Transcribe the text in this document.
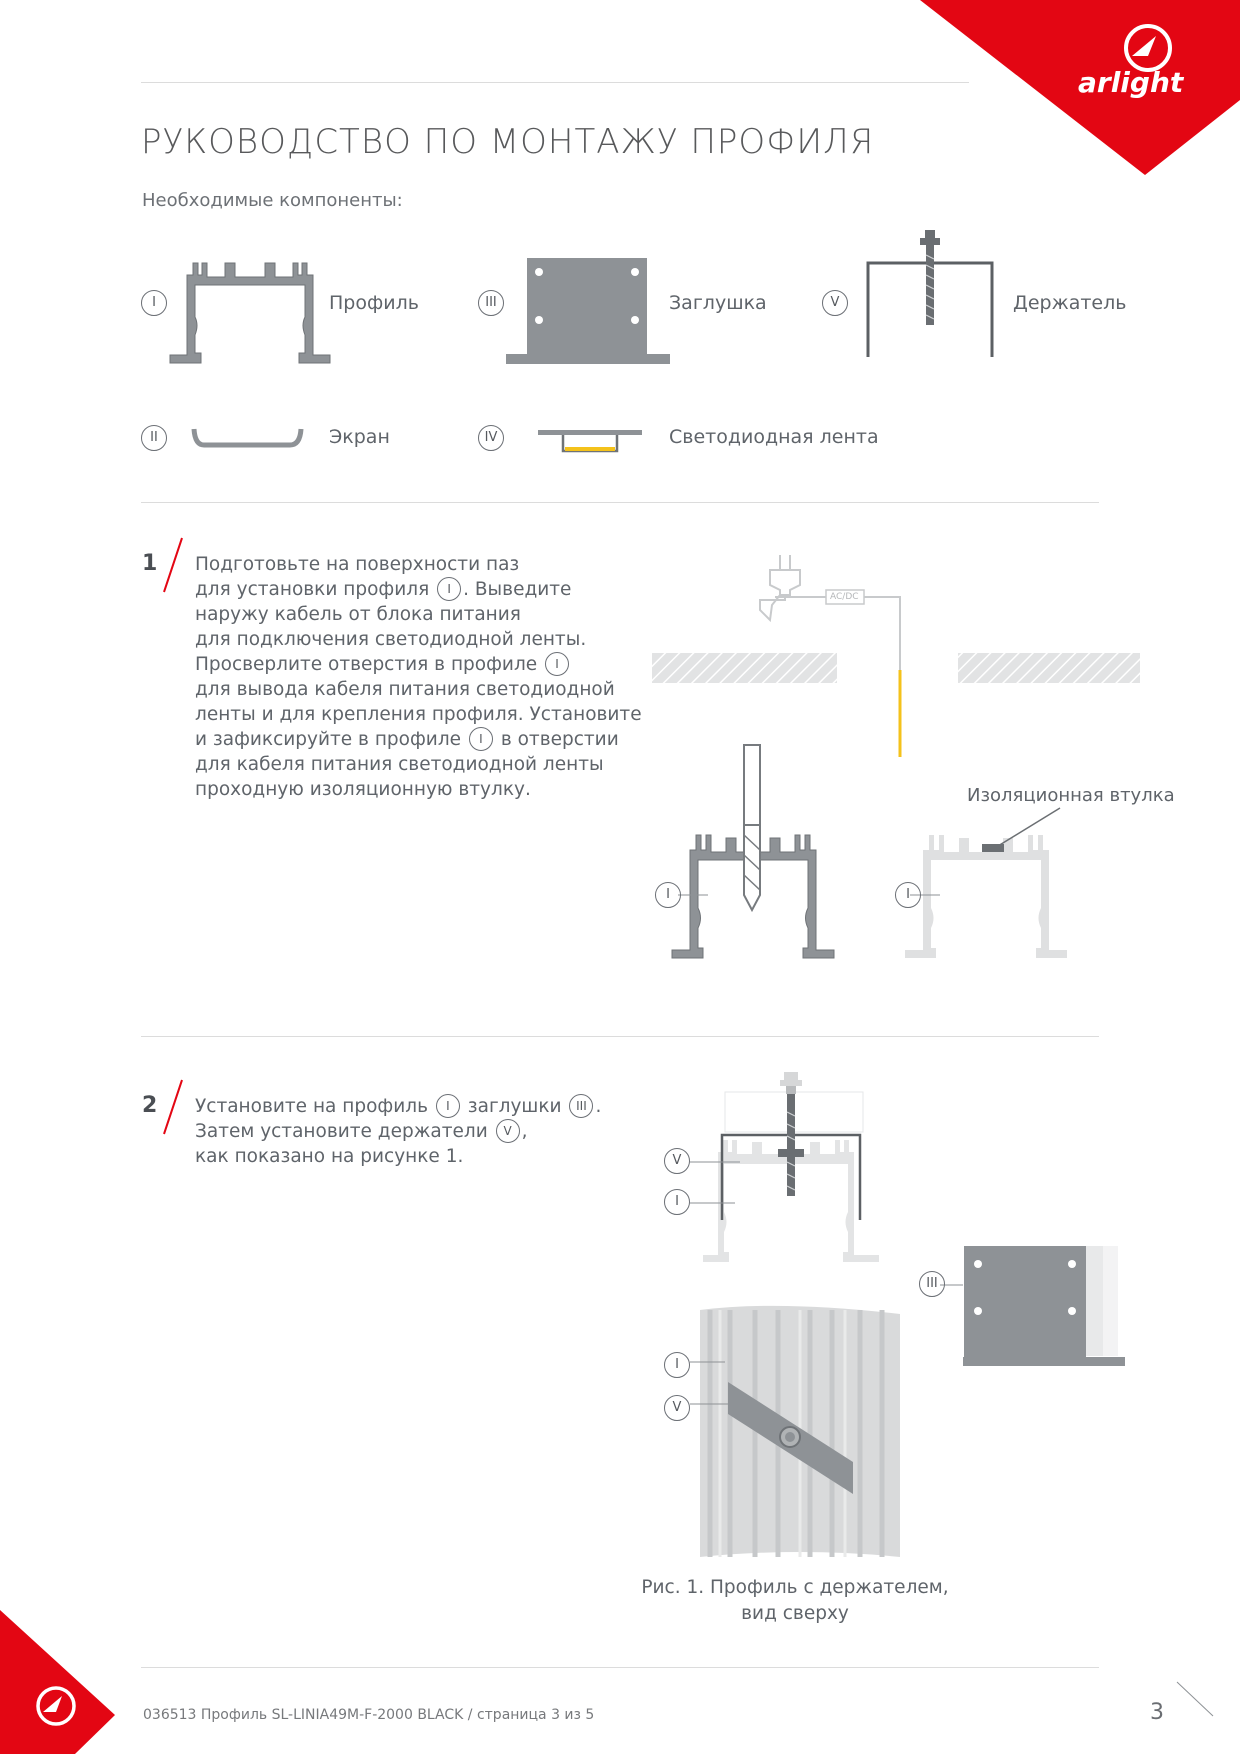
arlight
РУКОВОДСТВО ПО МОНТАЖУ ПРОФИЛЯ
Необходимые компоненты:
I	Профиль	III	Заглушка	V	Держатель
II	Экран	IV	Светодиодная лента
1 Подготовьте на поверхности паз
для установки профиля I . Выведите
наружу кабель от блока питания
для подключения светодиодной ленты.
Просверлите отверстия в профиле I
для вывода кабеля питания светодиодной
ленты и для крепления профиля. Установите
и зафиксируйте в профиле I в отверстии
для кабеля питания светодиодной ленты
проходную изоляционную втулку.
I	I
Изоляционная втулка
AC/DC
2 Установите на профиль I заглушки III .
Затем установите держатели V ,
как показано на рисунке 1.	V
I
III
I
V
Рис. 1. Профиль с держателем,
вид сверху
036513 Профиль SL-LINIA49M-F-2000 BLACK / страница 3 из 5	3
